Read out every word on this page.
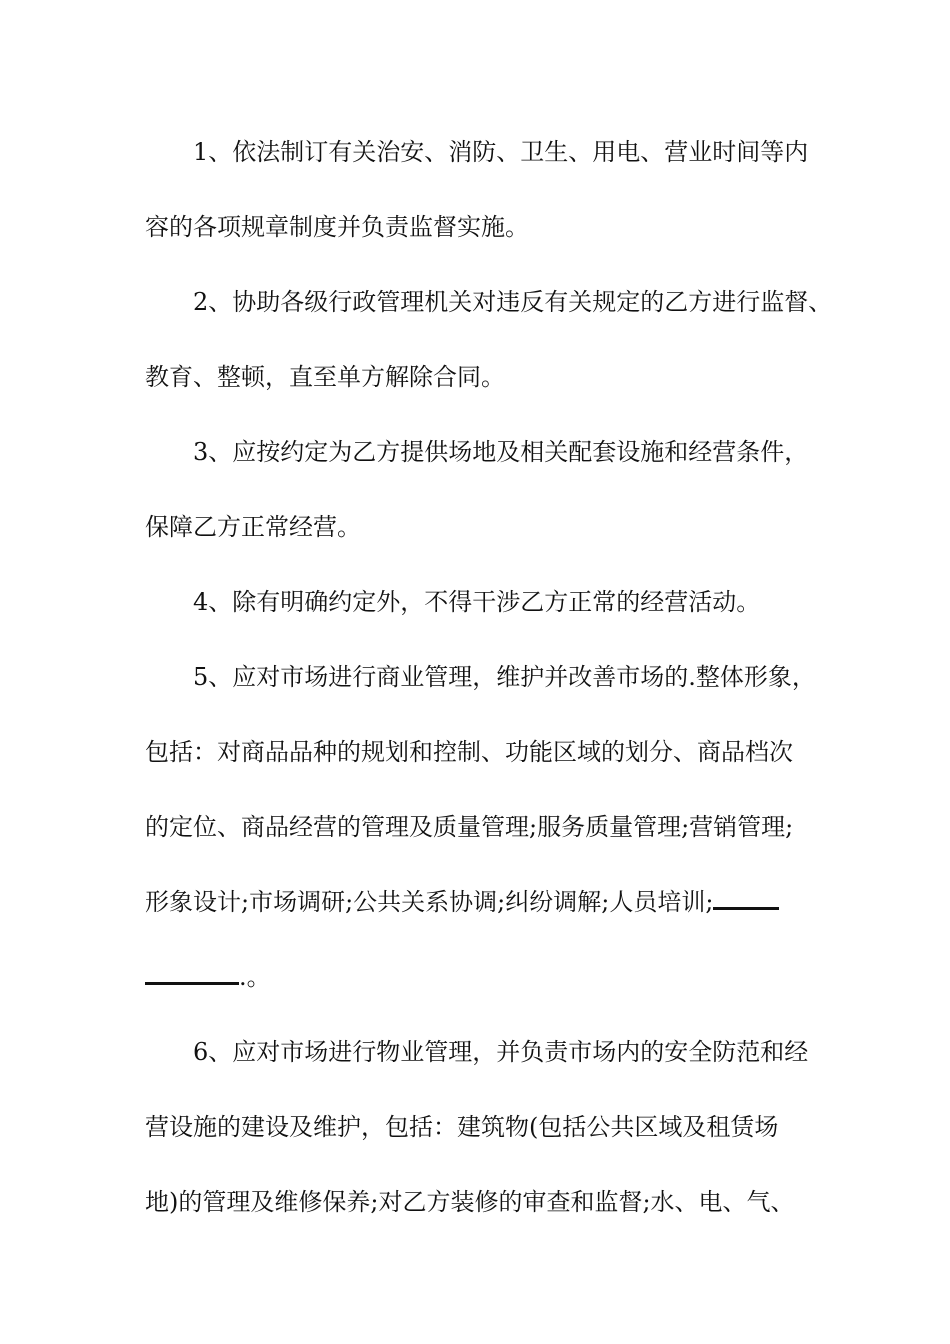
1、依法制订有关治安、消防、卫生、用电、营业时间等内
容的各项规章制度并负责监督实施。
2、协助各级行政管理机关对违反有关规定的乙方进行监督、
教育、整顿，直至单方解除合同。
3、应按约定为乙方提供场地及相关配套设施和经营条件，
保障乙方正常经营。
4、除有明确约定外，不得干涉乙方正常的经营活动。
5、应对市场进行商业管理，维护并改善市场的.整体形象，
包括：对商品品种的规划和控制、功能区域的划分、商品档次
的定位、商品经营的管理及质量管理;服务质量管理;营销管理;
形象设计;市场调研;公共关系协调;纠纷调解;人员培训;
.。
6、应对市场进行物业管理，并负责市场内的安全防范和经
营设施的建设及维护，包括：建筑物(包括公共区域及租赁场
地)的管理及维修保养;对乙方装修的审查和监督;水、电、气、
